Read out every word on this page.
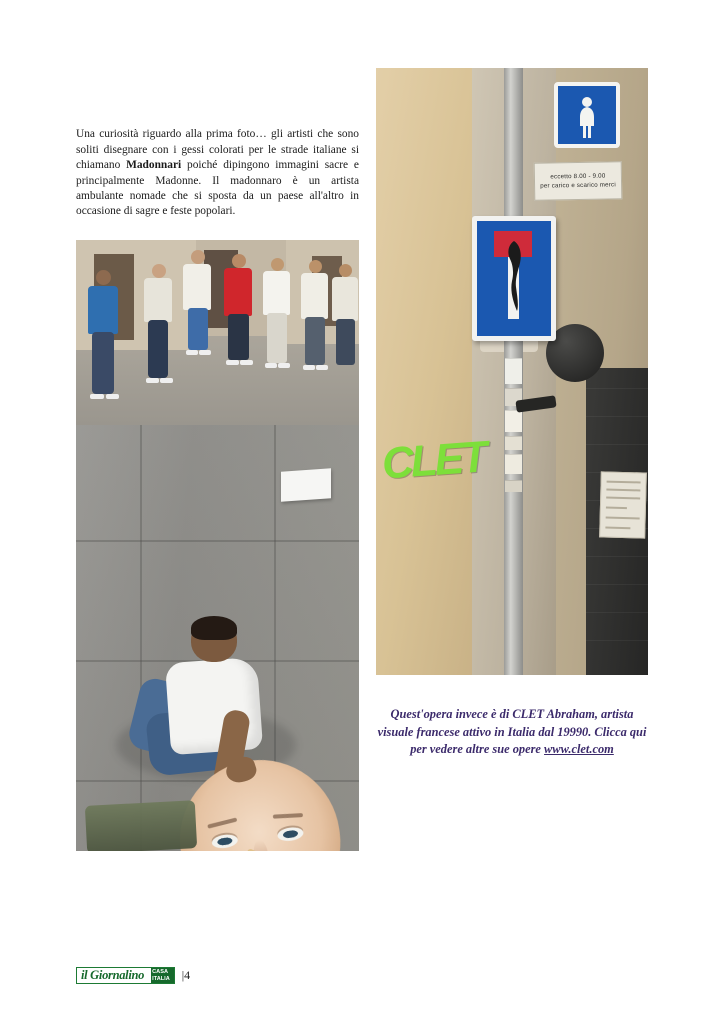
Una curiosità riguardo alla prima foto… gli artisti che sono soliti disegnare con i gessi colorati per le strade italiane si chiamano Madonnari poiché dipingono immagini sacre e principalmente Madonne. Il madonnaro è un artista ambulante nomade che si sposta da un paese all'altro in occasione di sagre e feste popolari.

CLET
eccetto 8.00 - 9.00
per carico e scarico merci
Quest'opera invece è di CLET Abraham, artista visuale francese attivo in Italia dal 19990. Clicca qui per vedere altre sue opere www.clet.com
il Giornalino	CASA
ITALIA |4
